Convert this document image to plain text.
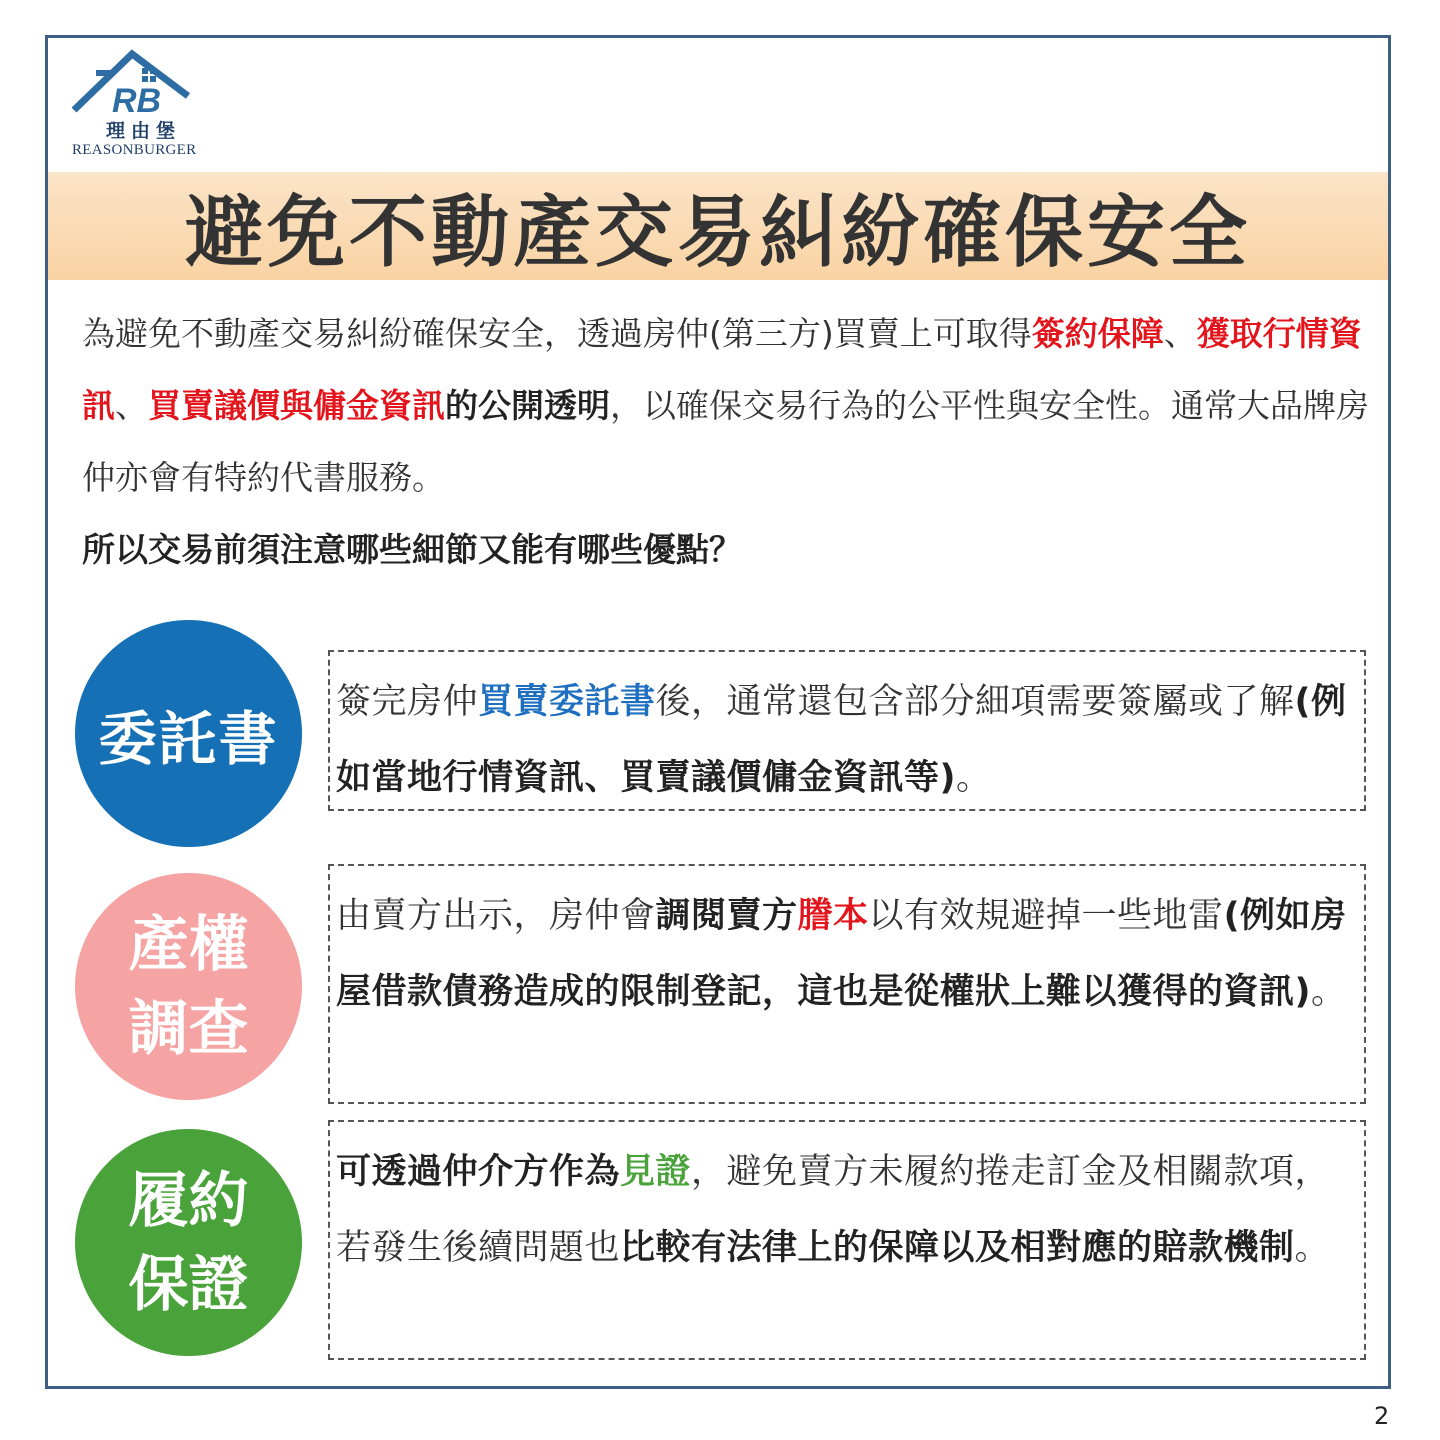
RB
理由堡
REASONBURGER
避免不動產交易糾紛確保安全

為避免不動產交易糾紛確保安全，透過房仲(第三方)買賣上可取得簽約保障、獲取行情資訊、買賣議價與傭金資訊的公開透明，以確保交易行為的公平性與安全性。通常大品牌房仲亦會有特約代書服務。

所以交易前須注意哪些細節又能有哪些優點？

委託書

簽完房仲買賣委託書後，通常還包含部分細項需要簽屬或了解(例如當地行情資訊、買賣議價傭金資訊等)。

產權
調查

由賣方出示，房仲會調閱賣方謄本以有效規避掉一些地雷(例如房屋借款債務造成的限制登記，這也是從權狀上難以獲得的資訊)。

履約
保證

可透過仲介方作為見證，避免賣方未履約捲走訂金及相關款項，若發生後續問題也比較有法律上的保障以及相對應的賠款機制。

2
